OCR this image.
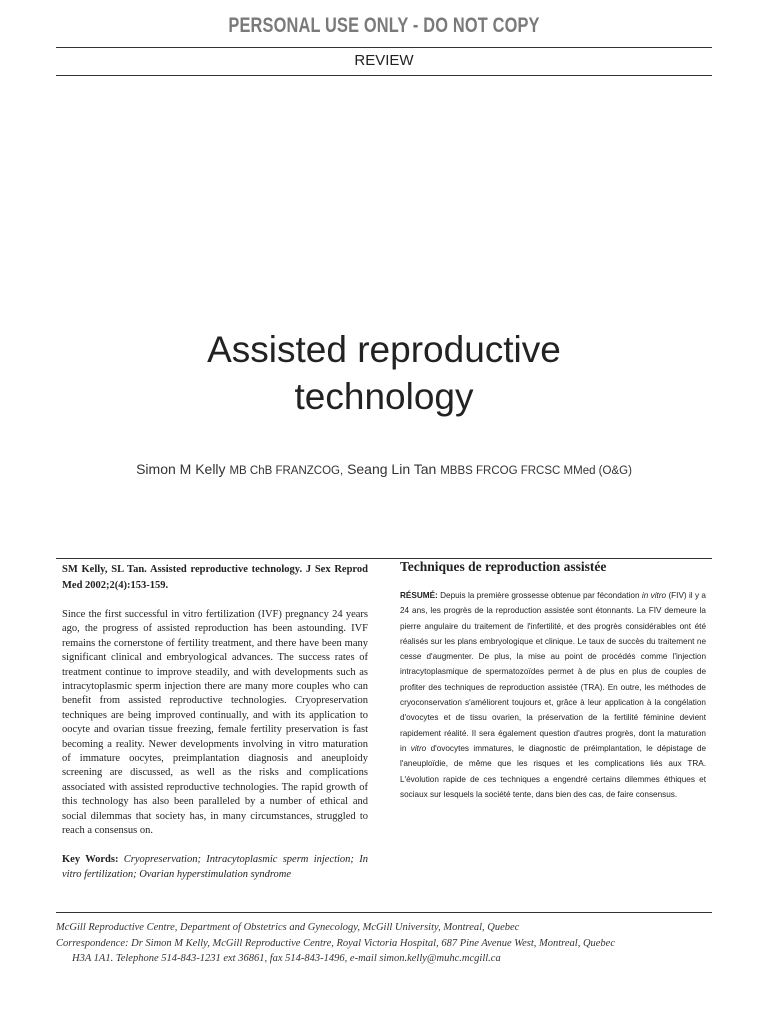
PERSONAL USE ONLY - DO NOT COPY
REVIEW
Assisted reproductive
technology
Simon M Kelly MB ChB FRANZCOG, Seang Lin Tan MBBS FRCOG FRCSC MMed (O&G)

SM Kelly, SL Tan. Assisted reproductive technology. J Sex Reprod Med 2002;2(4):153-159.

Since the first successful in vitro fertilization (IVF) pregnancy 24 years ago, the progress of assisted reproduction has been astounding. IVF remains the cornerstone of fertility treatment, and there have been many significant clinical and embryological advances. The success rates of treatment continue to improve steadily, and with developments such as intracytoplasmic sperm injection there are many more couples who can benefit from assisted reproductive technologies. Cryopreservation techniques are being improved continually, and with its application to oocyte and ovarian tissue freezing, female fertility preservation is fast becoming a reality. Newer developments involving in vitro maturation of immature oocytes, preimplantation diagnosis and aneuploidy screening are discussed, as well as the risks and complications associated with assisted reproductive technologies. The rapid growth of this technology has also been paralleled by a number of ethical and social dilemmas that society has, in many circumstances, struggled to reach a consensus on.

Key Words: Cryopreservation; Intracytoplasmic sperm injection; In vitro fertilization; Ovarian hyperstimulation syndrome

Techniques de reproduction assistée

RÉSUMÉ: Depuis la première grossesse obtenue par fécondation in vitro (FIV) il y a 24 ans, les progrès de la reproduction assistée sont étonnants. La FIV demeure la pierre angulaire du traitement de l'infertilité, et des progrès considérables ont été réalisés sur les plans embryologique et clinique. Le taux de succès du traitement ne cesse d'augmenter. De plus, la mise au point de procédés comme l'injection intracytoplasmique de spermatozoïdes permet à de plus en plus de couples de profiter des techniques de reproduction assistée (TRA). En outre, les méthodes de cryoconservation s'améliorent toujours et, grâce à leur application à la congélation d'ovocytes et de tissu ovarien, la préservation de la fertilité féminine devient rapidement réalité. Il sera également question d'autres progrès, dont la maturation in vitro d'ovocytes immatures, le diagnostic de préimplantation, le dépistage de l'aneuploïdie, de même que les risques et les complications liés aux TRA. L'évolution rapide de ces techniques a engendré certains dilemmes éthiques et sociaux sur lesquels la société tente, dans bien des cas, de faire consensus.

McGill Reproductive Centre, Department of Obstetrics and Gynecology, McGill University, Montreal, Quebec

Correspondence: Dr Simon M Kelly, McGill Reproductive Centre, Royal Victoria Hospital, 687 Pine Avenue West, Montreal, Quebec

H3A 1A1. Telephone 514-843-1231 ext 36861, fax 514-843-1496, e-mail simon.kelly@muhc.mcgill.ca
